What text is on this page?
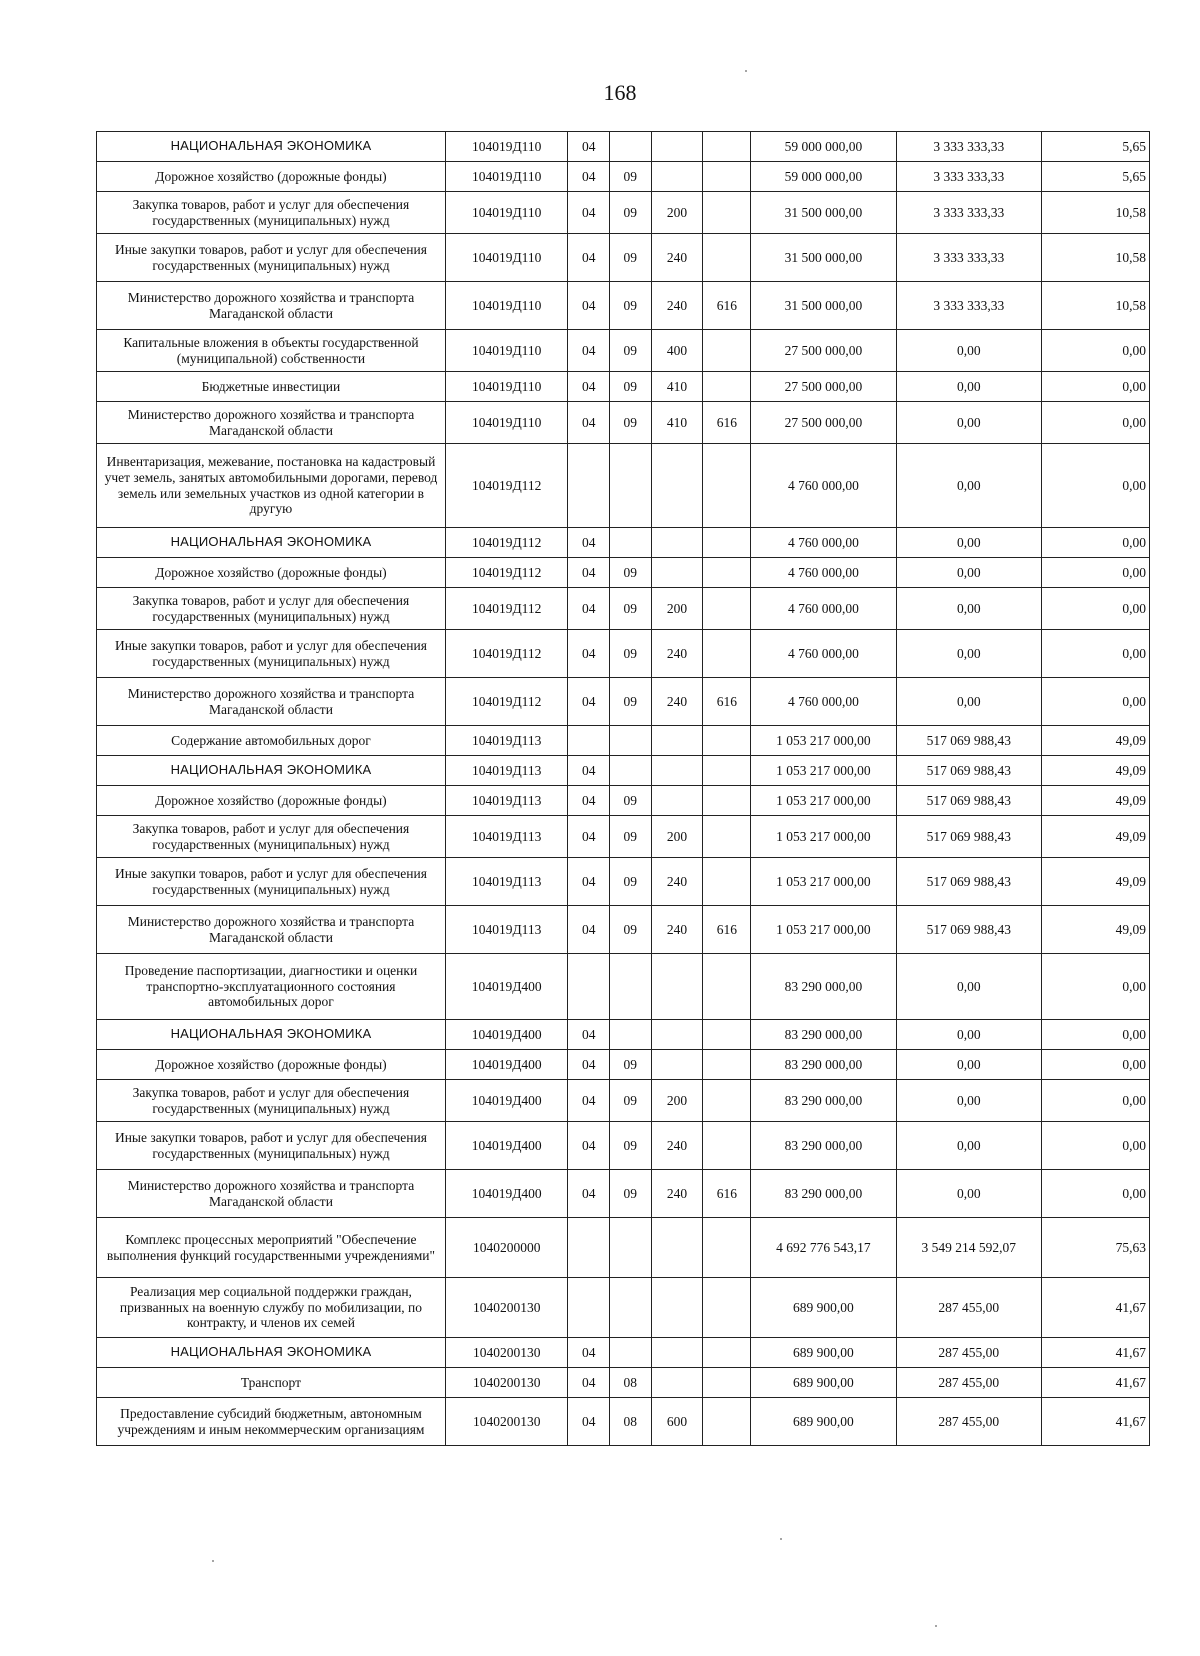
168
НАЦИОНАЛЬНАЯ ЭКОНОМИКА	104019Д110	04				59 000 000,00	3 333 333,33	5,65
Дорожное хозяйство (дорожные фонды)	104019Д110	04	09			59 000 000,00	3 333 333,33	5,65
Закупка товаров, работ и услуг для обеспечения государственных (муниципальных) нужд	104019Д110	04	09	200		31 500 000,00	3 333 333,33	10,58
Иные закупки товаров, работ и услуг для обеспечения государственных (муниципальных) нужд	104019Д110	04	09	240		31 500 000,00	3 333 333,33	10,58
Министерство дорожного хозяйства и транспорта Магаданской области	104019Д110	04	09	240	616	31 500 000,00	3 333 333,33	10,58
Капитальные вложения в объекты государственной (муниципальной) собственности	104019Д110	04	09	400		27 500 000,00	0,00	0,00
Бюджетные инвестиции	104019Д110	04	09	410		27 500 000,00	0,00	0,00
Министерство дорожного хозяйства и транспорта Магаданской области	104019Д110	04	09	410	616	27 500 000,00	0,00	0,00
Инвентаризация, межевание, постановка на кадастровый учет земель, занятых автомобильными дорогами, перевод земель или земельных участков из одной категории в другую	104019Д112					4 760 000,00	0,00	0,00
НАЦИОНАЛЬНАЯ ЭКОНОМИКА	104019Д112	04				4 760 000,00	0,00	0,00
Дорожное хозяйство (дорожные фонды)	104019Д112	04	09			4 760 000,00	0,00	0,00
Закупка товаров, работ и услуг для обеспечения государственных (муниципальных) нужд	104019Д112	04	09	200		4 760 000,00	0,00	0,00
Иные закупки товаров, работ и услуг для обеспечения государственных (муниципальных) нужд	104019Д112	04	09	240		4 760 000,00	0,00	0,00
Министерство дорожного хозяйства и транспорта Магаданской области	104019Д112	04	09	240	616	4 760 000,00	0,00	0,00
Содержание автомобильных дорог	104019Д113					1 053 217 000,00	517 069 988,43	49,09
НАЦИОНАЛЬНАЯ ЭКОНОМИКА	104019Д113	04				1 053 217 000,00	517 069 988,43	49,09
Дорожное хозяйство (дорожные фонды)	104019Д113	04	09			1 053 217 000,00	517 069 988,43	49,09
Закупка товаров, работ и услуг для обеспечения государственных (муниципальных) нужд	104019Д113	04	09	200		1 053 217 000,00	517 069 988,43	49,09
Иные закупки товаров, работ и услуг для обеспечения государственных (муниципальных) нужд	104019Д113	04	09	240		1 053 217 000,00	517 069 988,43	49,09
Министерство дорожного хозяйства и транспорта Магаданской области	104019Д113	04	09	240	616	1 053 217 000,00	517 069 988,43	49,09
Проведение паспортизации, диагностики и оценки транспортно-эксплуатационного состояния автомобильных дорог	104019Д400					83 290 000,00	0,00	0,00
НАЦИОНАЛЬНАЯ ЭКОНОМИКА	104019Д400	04				83 290 000,00	0,00	0,00
Дорожное хозяйство (дорожные фонды)	104019Д400	04	09			83 290 000,00	0,00	0,00
Закупка товаров, работ и услуг для обеспечения государственных (муниципальных) нужд	104019Д400	04	09	200		83 290 000,00	0,00	0,00
Иные закупки товаров, работ и услуг для обеспечения государственных (муниципальных) нужд	104019Д400	04	09	240		83 290 000,00	0,00	0,00
Министерство дорожного хозяйства и транспорта Магаданской области	104019Д400	04	09	240	616	83 290 000,00	0,00	0,00
Комплекс процессных мероприятий "Обеспечение выполнения функций государственными учреждениями"	1040200000					4 692 776 543,17	3 549 214 592,07	75,63
Реализация мер социальной поддержки граждан, призванных на военную службу по мобилизации, по контракту, и членов их семей	1040200130					689 900,00	287 455,00	41,67
НАЦИОНАЛЬНАЯ ЭКОНОМИКА	1040200130	04				689 900,00	287 455,00	41,67
Транспорт	1040200130	04	08			689 900,00	287 455,00	41,67
Предоставление субсидий бюджетным, автономным учреждениям и иным некоммерческим организациям	1040200130	04	08	600		689 900,00	287 455,00	41,67
